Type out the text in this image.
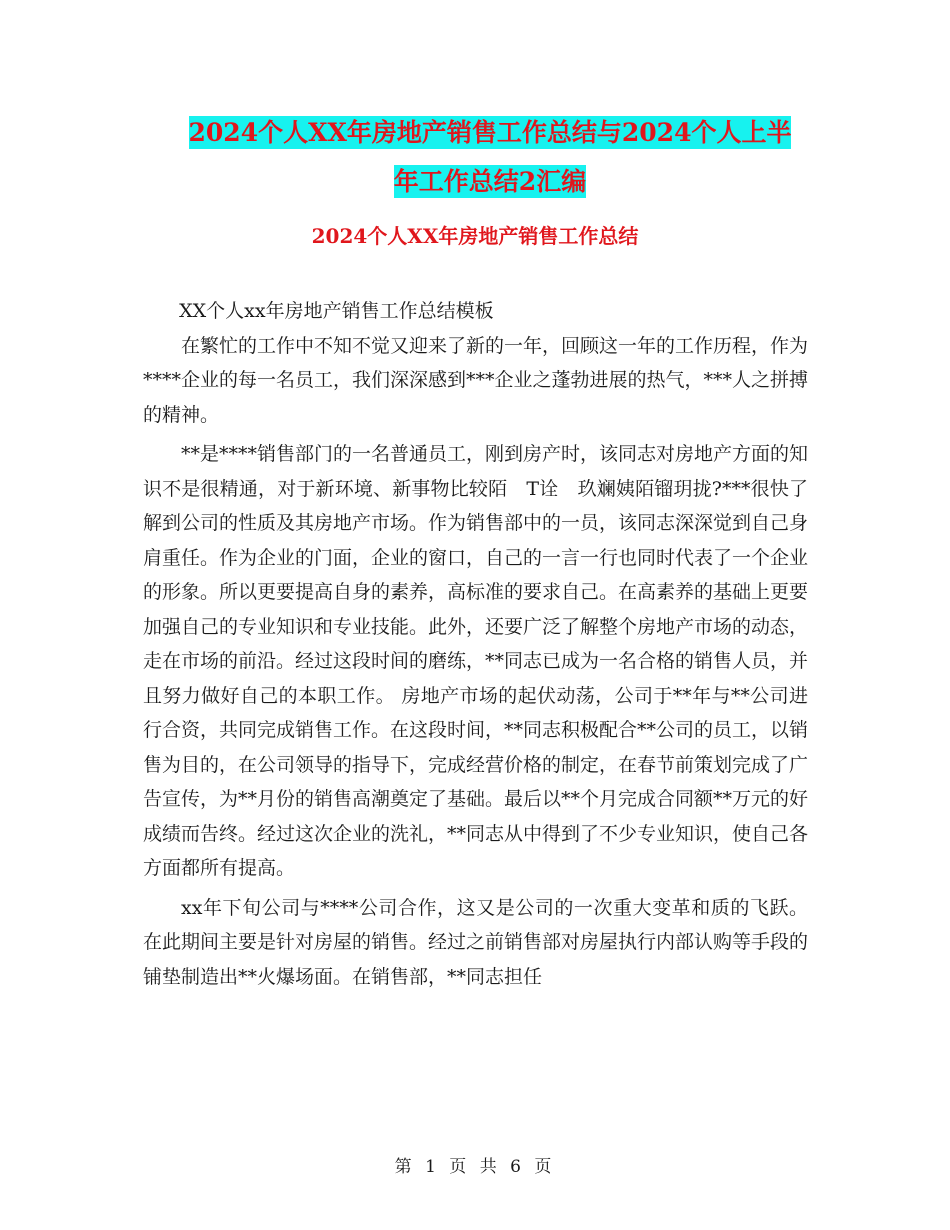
2024个人XX年房地产销售工作总结与2024个人上半
年工作总结2汇编
2024个人XX年房地产销售工作总结

XX个人xx年房地产销售工作总结模板

在繁忙的工作中不知不觉又迎来了新的一年，回顾这一年的工作历程，作为****企业的每一名员工，我们深深感到***企业之蓬勃进展的热气，***人之拼搏的精神。

**是****销售部门的一名普通员工，刚到房产时，该同志对房地产方面的知识不是很精通，对于新环境、新事物比较陌　T诠　玖斓姨陌镏玥拢?***很快了解到公司的性质及其房地产市场。作为销售部中的一员，该同志深深觉到自己身肩重任。作为企业的门面，企业的窗口，自己的一言一行也同时代表了一个企业的形象。所以更要提高自身的素养，高标准的要求自己。在高素养的基础上更要加强自己的专业知识和专业技能。此外，还要广泛了解整个房地产市场的动态，走在市场的前沿。经过这段时间的磨练，**同志已成为一名合格的销售人员，并且努力做好自己的本职工作。 房地产市场的起伏动荡，公司于**年与**公司进行合资，共同完成销售工作。在这段时间，**同志积极配合**公司的员工，以销售为目的，在公司领导的指导下，完成经营价格的制定，在春节前策划完成了广告宣传，为**月份的销售高潮奠定了基础。最后以**个月完成合同额**万元的好成绩而告终。经过这次企业的洗礼，**同志从中得到了不少专业知识，使自己各方面都所有提高。

xx年下旬公司与****公司合作，这又是公司的一次重大变革和质的飞跃。在此期间主要是针对房屋的销售。经过之前销售部对房屋执行内部认购等手段的铺垫制造出**火爆场面。在销售部，**同志担任

第 1 页 共 6 页
